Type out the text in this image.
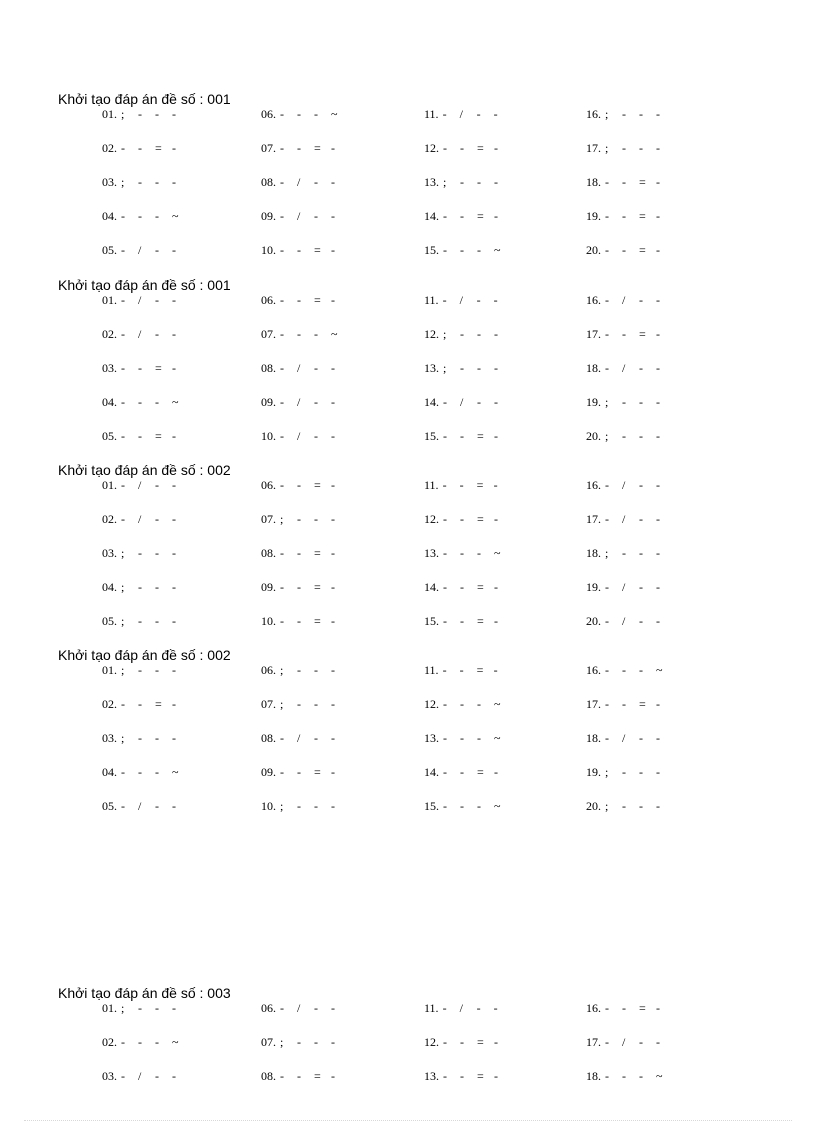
Khởi tạo đáp án đề số : 001
01. ; - - -
02. - - = -
03. ; - - -
04. - - - ~
05. - / - -
06. - - - ~
07. - - = -
08. - / - -
09. - / - -
10. - - = -
11. - / - -
12. - - = -
13. ; - - -
14. - - = -
15. - - - ~
16. ; - - -
17. ; - - -
18. - - = -
19. - - = -
20. - - = -
Khởi tạo đáp án đề số : 001
01. - / - -
02. - / - -
03. - - = -
04. - - - ~
05. - - = -
06. - - = -
07. - - - ~
08. - / - -
09. - / - -
10. - / - -
11. - / - -
12. ; - - -
13. ; - - -
14. - / - -
15. - - = -
16. - / - -
17. - - = -
18. - / - -
19. ; - - -
20. ; - - -
Khởi tạo đáp án đề số : 002
01. - / - -
02. - / - -
03. ; - - -
04. ; - - -
05. ; - - -
06. - - = -
07. ; - - -
08. - - = -
09. - - = -
10. - - = -
11. - - = -
12. - - = -
13. - - - ~
14. - - = -
15. - - = -
16. - / - -
17. - / - -
18. ; - - -
19. - / - -
20. - / - -
Khởi tạo đáp án đề số : 002
01. ; - - -
02. - - = -
03. ; - - -
04. - - - ~
05. - / - -
06. ; - - -
07. ; - - -
08. - / - -
09. - - = -
10. ; - - -
11. - - = -
12. - - - ~
13. - - - ~
14. - - = -
15. - - - ~
16. - - - ~
17. - - = -
18. - / - -
19. ; - - -
20. ; - - -
Khởi tạo đáp án đề số : 003
01. ; - - -
02. - - - ~
03. - / - -
06. - / - -
07. ; - - -
08. - - = -
11. - / - -
12. - - = -
13. - - = -
16. - - = -
17. - / - -
18. - - - ~
